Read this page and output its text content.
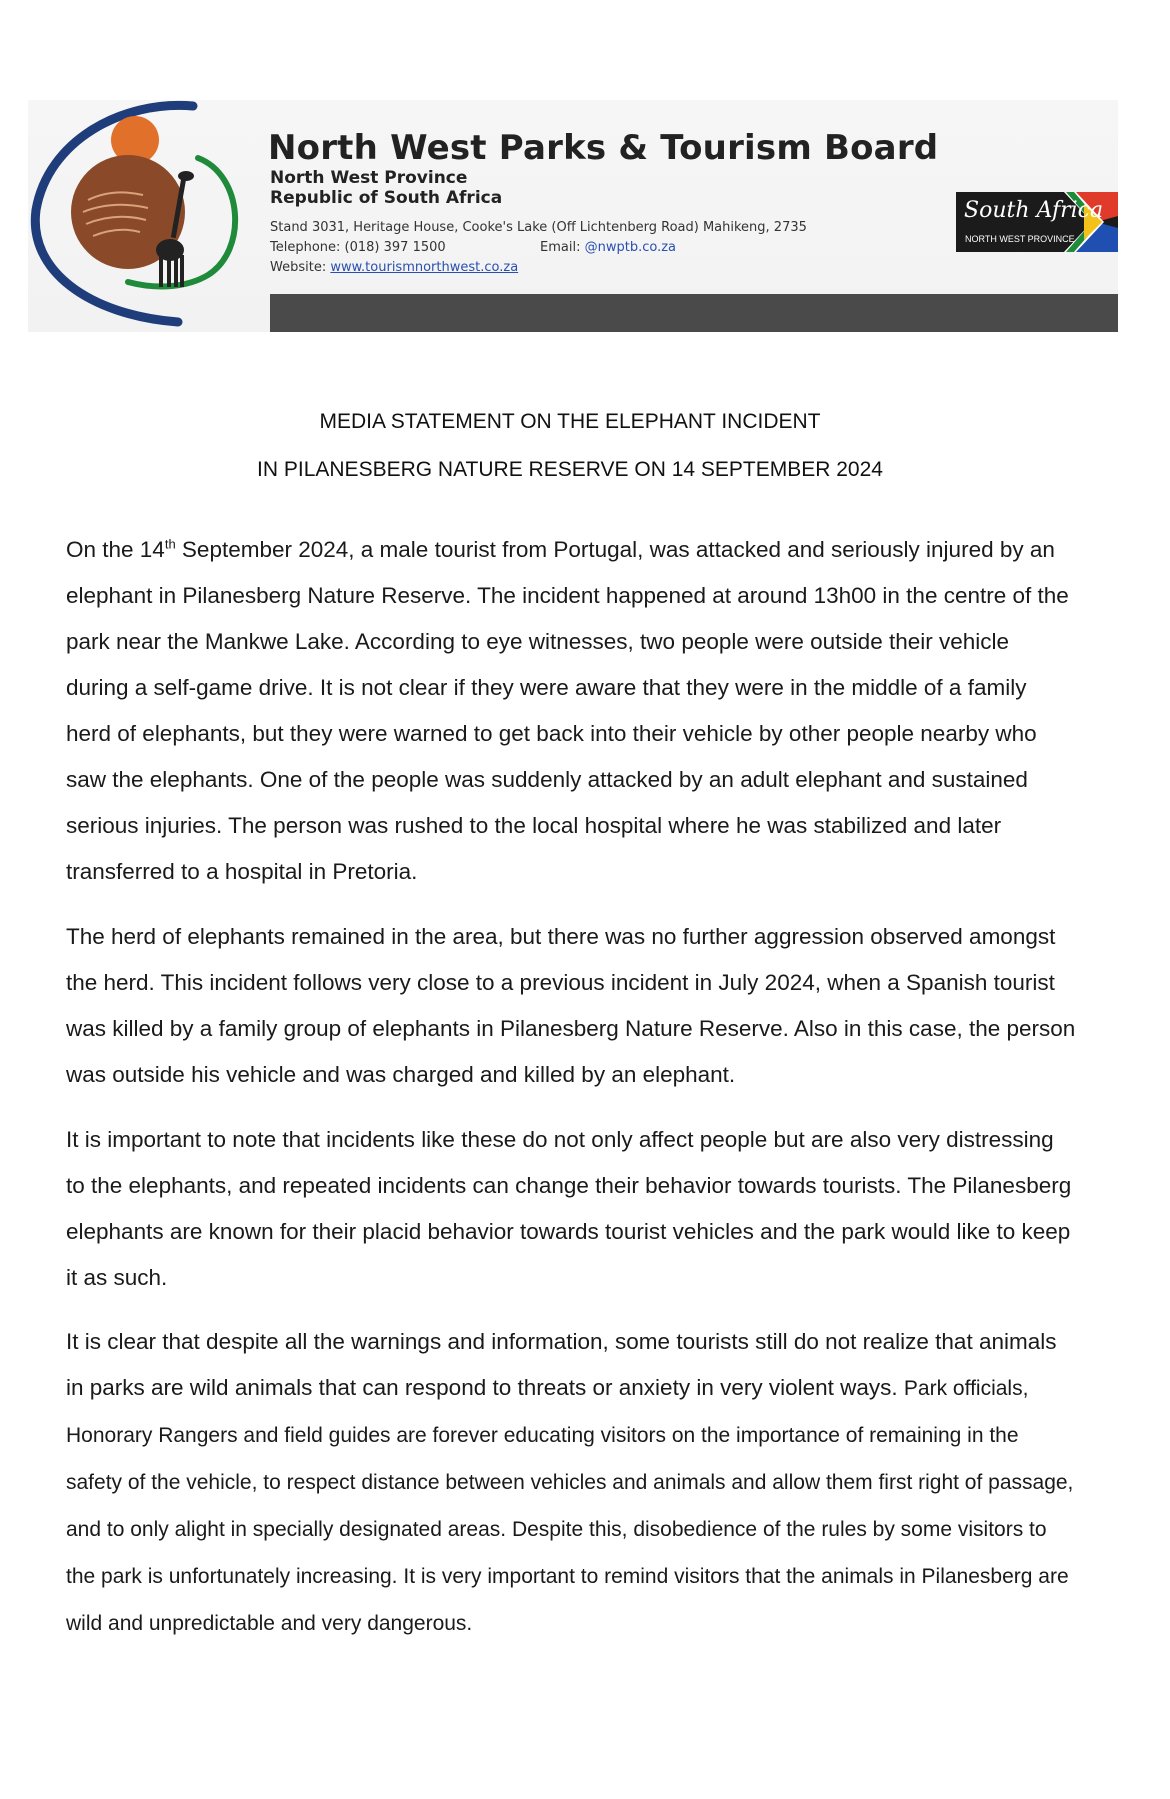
North West Parks & Tourism Board
North West Province
Republic of South Africa
Stand 3031, Heritage House, Cooke's Lake (Off Lichtenberg Road) Mahikeng, 2735
Telephone: (018) 397 1500	Email: @nwptb.co.za
Website: www.tourismnorthwest.co.za
South Africa
NORTH WEST PROVINCE
MEDIA STATEMENT ON THE ELEPHANT INCIDENT
IN PILANESBERG NATURE RESERVE ON 14 SEPTEMBER 2024

On the 14th September 2024, a male tourist from Portugal, was attacked and seriously injured by an elephant in Pilanesberg Nature Reserve. The incident happened at around 13h00 in the centre of the park near the Mankwe Lake. According to eye witnesses, two people were outside their vehicle during a self-game drive. It is not clear if they were aware that they were in the middle of a family herd of elephants, but they were warned to get back into their vehicle by other people nearby who saw the elephants. One of the people was suddenly attacked by an adult elephant and sustained serious injuries. The person was rushed to the local hospital where he was stabilized and later transferred to a hospital in Pretoria.

The herd of elephants remained in the area, but there was no further aggression observed amongst the herd. This incident follows very close to a previous incident in July 2024, when a Spanish tourist was killed by a family group of elephants in Pilanesberg Nature Reserve. Also in this case, the person was outside his vehicle and was charged and killed by an elephant.

It is important to note that incidents like these do not only affect people but are also very distressing to the elephants, and repeated incidents can change their behavior towards tourists. The Pilanesberg elephants are known for their placid behavior towards tourist vehicles and the park would like to keep it as such.

It is clear that despite all the warnings and information, some tourists still do not realize that animals in parks are wild animals that can respond to threats or anxiety in very violent ways. Park officials, Honorary Rangers and field guides are forever educating visitors on the importance of remaining in the safety of the vehicle, to respect distance between vehicles and animals and allow them first right of passage, and to only alight in specially designated areas. Despite this, disobedience of the rules by some visitors to the park is unfortunately increasing. It is very important to remind visitors that the animals in Pilanesberg are wild and unpredictable and very dangerous.
